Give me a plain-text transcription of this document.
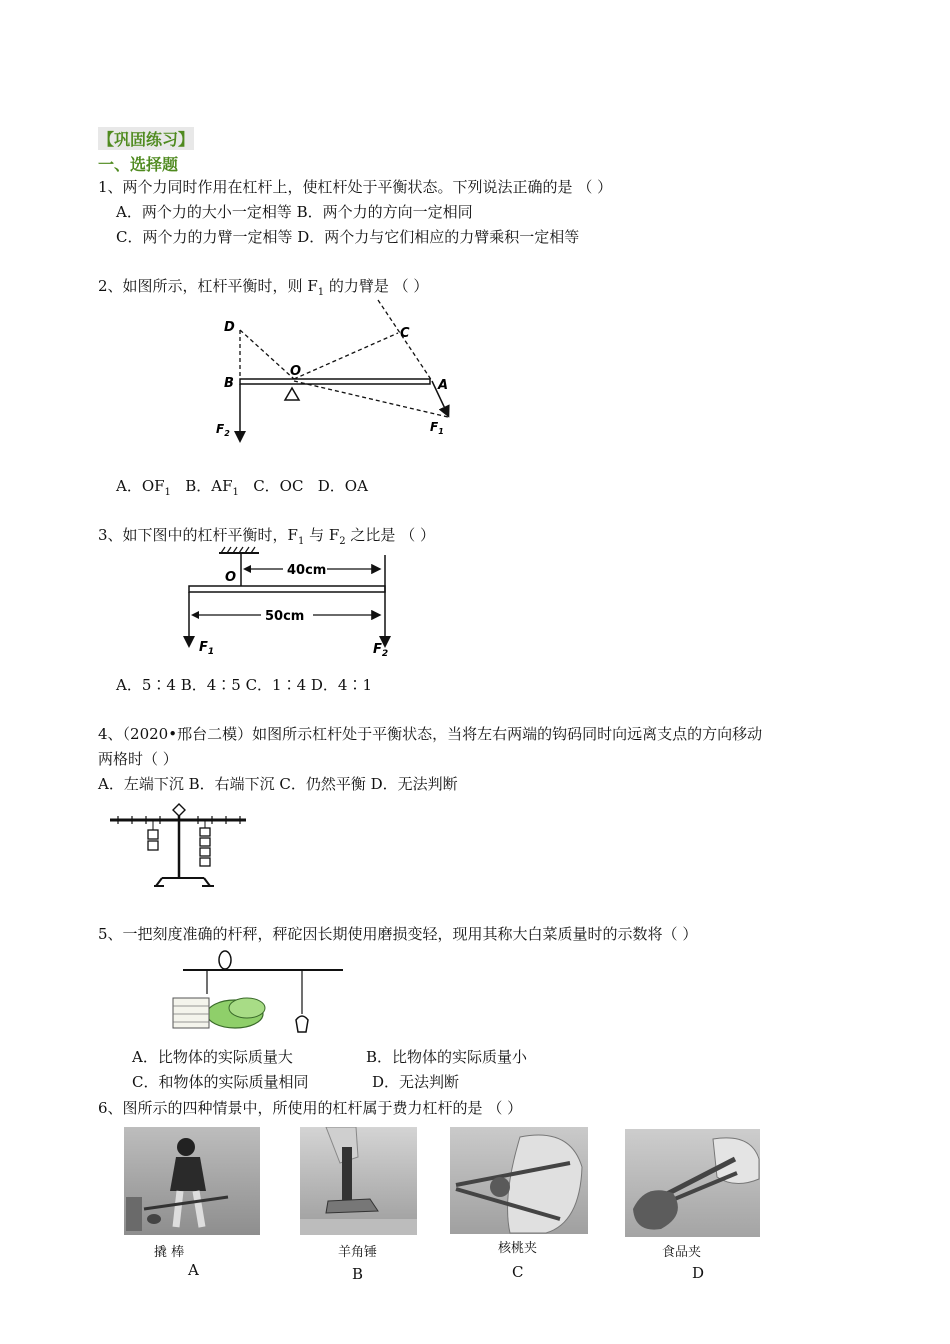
【巩固练习】
一、选择题
1、两个力同时作用在杠杆上，使杠杆处于平衡状态。下列说法正确的是 （ ）
A．两个力的大小一定相等 B．两个力的方向一定相同
C．两个力的力臂一定相等 D．两个力与它们相应的力臂乘积一定相等
2、如图所示，杠杆平衡时，则 $F_1$ 的力臂是 （ ）
D	C
O
B	A
$F_2$	$F_1$
A．$OF_1$ B．$AF_1$ C．OC D．OA
3、如下图中的杠杆平衡时，$F_1$ 与 $F_2$ 之比是 （ ）
O	40cm
50cm
$F_1$	$F_2$
A．5∶4 B．4∶5 C．1∶4 D．4∶1
4、（2020•邢台二模）如图所示杠杆处于平衡状态，当将左右两端的钩码同时向远离支点的方向移动
两格时（ ）
A．左端下沉 B．右端下沉 C．仍然平衡 D．无法判断
5、一把刻度准确的杆秤，秤砣因长期使用磨损变轻，现用其称大白菜质量时的示数将（ ）
A．比物体的实际质量大	B．比物体的实际质量小
C．和物体的实际质量相同	D．无法判断
6、图所示的四种情景中，所使用的杠杆属于费力杠杆的是 （ ）
撬 棒
A
羊角锤
B
核桃夹
C
食品夹
D
